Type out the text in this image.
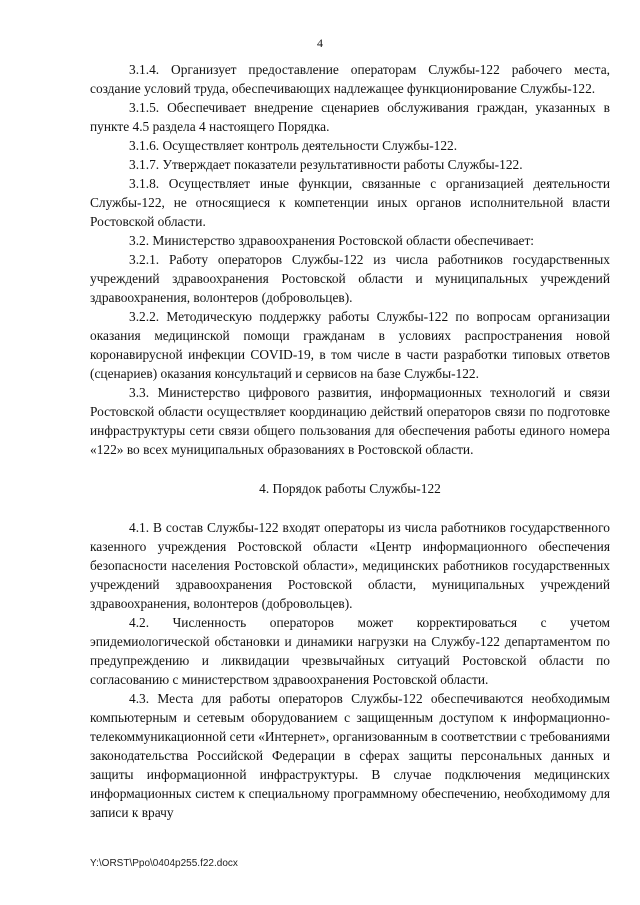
4

3.1.4. Организует предоставление операторам Службы-122 рабочего места, создание условий труда, обеспечивающих надлежащее функционирование Службы-122.

3.1.5. Обеспечивает внедрение сценариев обслуживания граждан, указанных в пункте 4.5 раздела 4 настоящего Порядка.

3.1.6. Осуществляет контроль деятельности Службы-122.

3.1.7. Утверждает показатели результативности работы Службы-122.

3.1.8. Осуществляет иные функции, связанные с организацией деятельности Службы-122, не относящиеся к компетенции иных органов исполнительной власти Ростовской области.

3.2. Министерство здравоохранения Ростовской области обеспечивает:

3.2.1. Работу операторов Службы-122 из числа работников государственных учреждений здравоохранения Ростовской области и муниципальных учреждений здравоохранения, волонтеров (добровольцев).

3.2.2. Методическую поддержку работы Службы-122 по вопросам организации оказания медицинской помощи гражданам в условиях распространения новой коронавирусной инфекции COVID-19, в том числе в части разработки типовых ответов (сценариев) оказания консультаций и сервисов на базе Службы-122.

3.3. Министерство цифрового развития, информационных технологий и связи Ростовской области осуществляет координацию действий операторов связи по подготовке инфраструктуры сети связи общего пользования для обеспечения работы единого номера «122» во всех муниципальных образованиях в Ростовской области.

4. Порядок работы Службы-122

4.1. В состав Службы-122 входят операторы из числа работников государственного казенного учреждения Ростовской области «Центр информационного обеспечения безопасности населения Ростовской области», медицинских работников государственных учреждений здравоохранения Ростовской области, муниципальных учреждений здравоохранения, волонтеров (добровольцев).

4.2. Численность операторов может корректироваться с учетом эпидемиологической обстановки и динамики нагрузки на Службу-122 департаментом по предупреждению и ликвидации чрезвычайных ситуаций Ростовской области по согласованию с министерством здравоохранения Ростовской области.

4.3. Места для работы операторов Службы-122 обеспечиваются необходимым компьютерным и сетевым оборудованием с защищенным доступом к информационно-телекоммуникационной сети «Интернет», организованным в соответствии с требованиями законодательства Российской Федерации в сферах защиты персональных данных и защиты информационной инфраструктуры. В случае подключения медицинских информационных систем к специальному программному обеспечению, необходимому для записи к врачу

Y:\ORST\Ppo\0404p255.f22.docx
